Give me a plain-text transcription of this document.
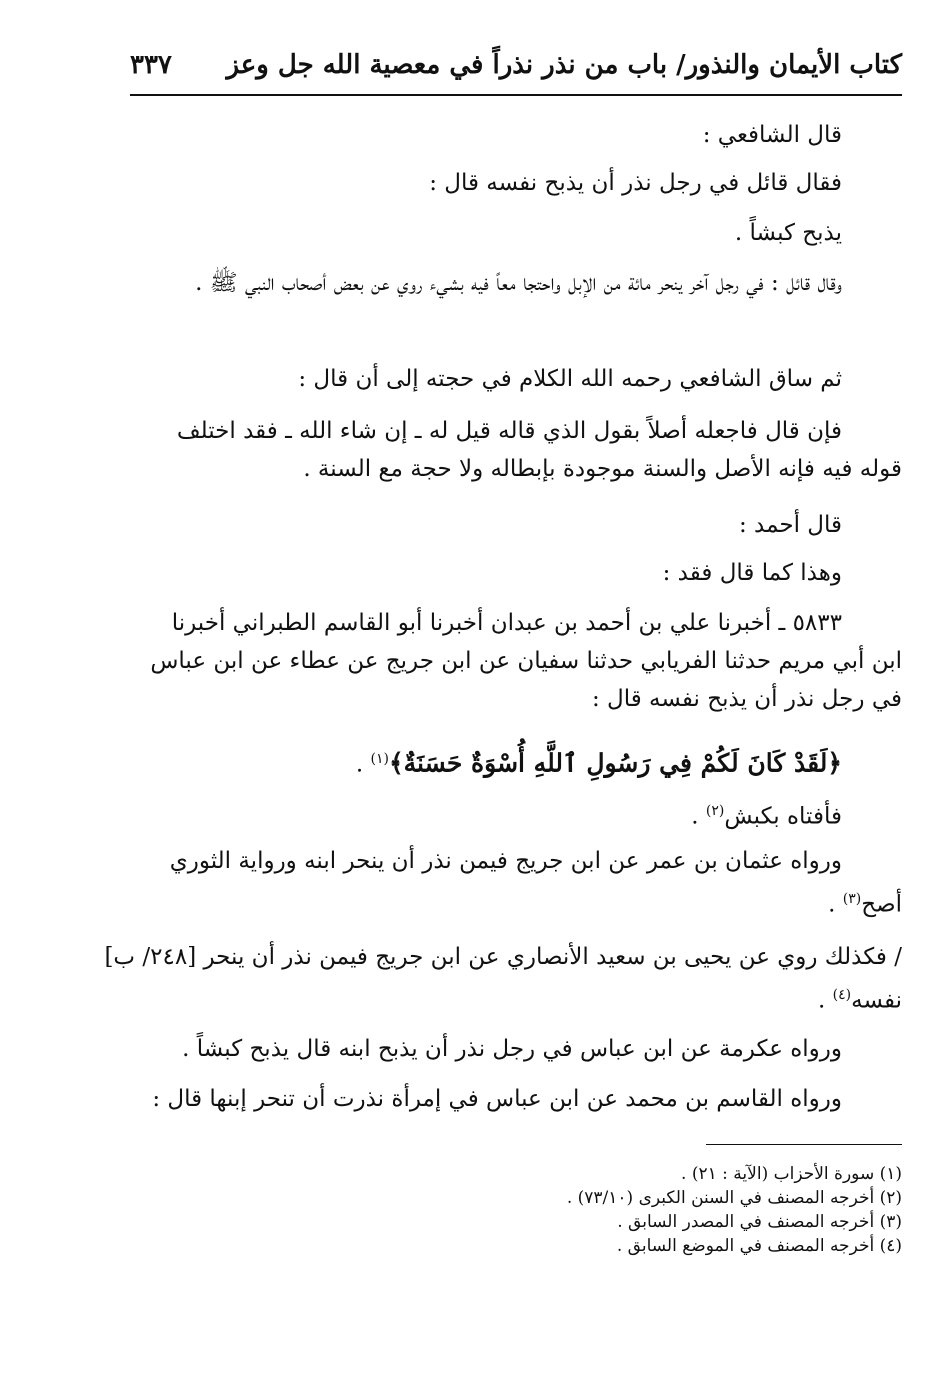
كتاب الأيمان والنذور/ باب من نذر نذراً في معصية الله جل وعز
٣٣٧
قال الشافعي :
فقال قائل في رجل نذر أن يذبح نفسه قال :
يذبح كبشاً .
وقال قائل : في رجل آخر ينحر مائة من الإبل واحتجا معاً فيه بشيء روي عن بعض أصحاب النبي ﷺ .
ثم ساق الشافعي رحمه الله الكلام في حجته إلى أن قال :
فإن قال فاجعله أصلاً بقول الذي قاله قيل له ـ إن شاء الله ـ فقد اختلف قوله فيه فإنه الأصل والسنة موجودة بإبطاله ولا حجة مع السنة .
قال أحمد :
وهذا كما قال فقد :
٥٨٣٣ ـ أخبرنا علي بن أحمد بن عبدان أخبرنا أبو القاسم الطبراني أخبرنا ابن أبي مريم حدثنا الفريابي حدثنا سفيان عن ابن جريج عن عطاء عن ابن عباس في رجل نذر أن يذبح نفسه قال :
﴿لَقَدْ كَانَ لَكُمْ فِي رَسُولِ ٱللَّهِ أُسْوَةٌ حَسَنَةٌ﴾$^{(١)}$ .
فأفتاه بكبش$^{(٢)}$ .
ورواه عثمان بن عمر عن ابن جريج فيمن نذر أن ينحر ابنه ورواية الثوري أصح$^{(٣)}$ .
/ فكذلك روي عن يحيى بن سعيد الأنصاري عن ابن جريج فيمن نذر أن ينحر [٢٤٨/ ب] نفسه$^{(٤)}$ .
ورواه عكرمة عن ابن عباس في رجل نذر أن يذبح ابنه قال يذبح كبشاً .
ورواه القاسم بن محمد عن ابن عباس في إمرأة نذرت أن تنحر إبنها قال :
(١) سورة الأحزاب (الآية : ٢١) .
(٢) أخرجه المصنف في السنن الكبرى (٧٣/١٠) .
(٣) أخرجه المصنف في المصدر السابق .
(٤) أخرجه المصنف في الموضع السابق .
